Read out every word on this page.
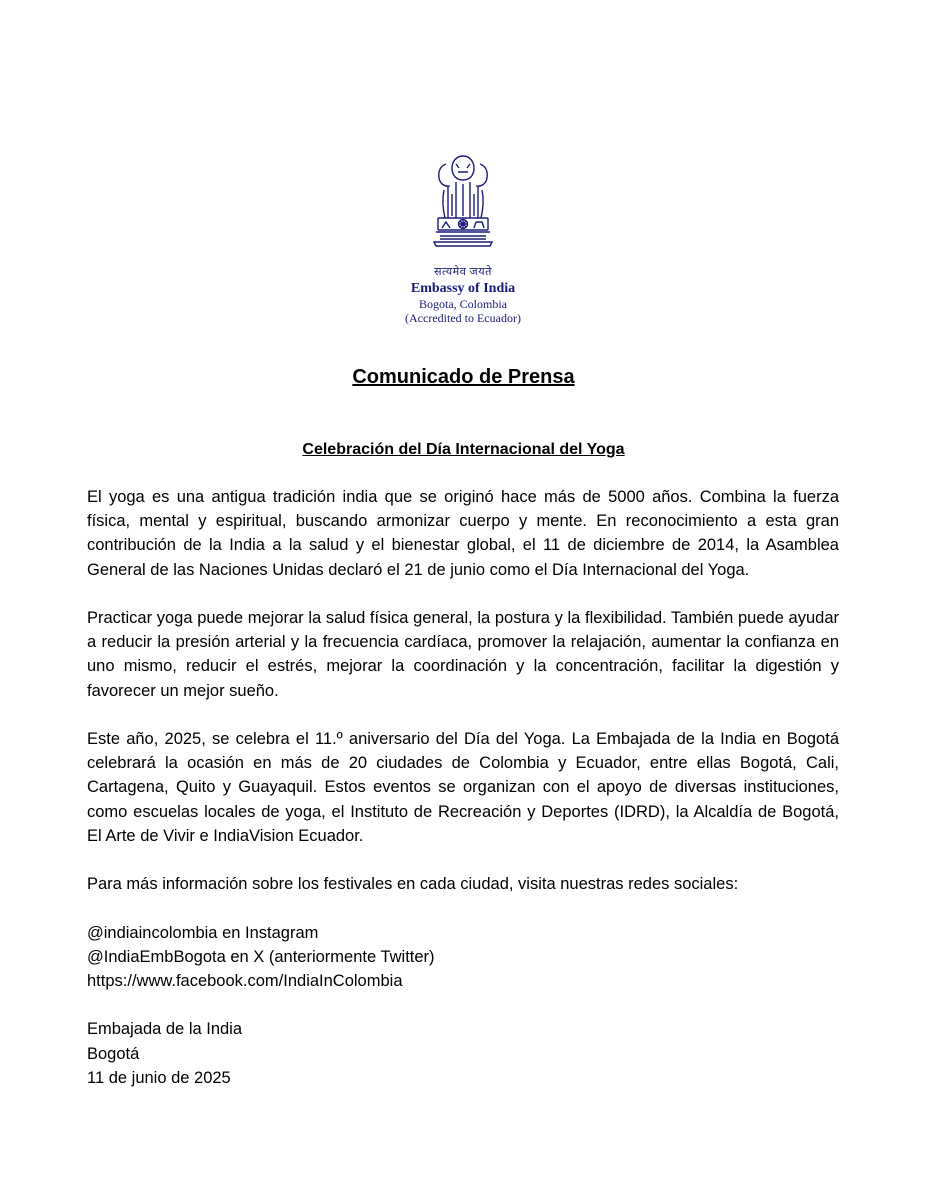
सत्यमेव जयते
Embassy of India
Bogota, Colombia
(Accredited to Ecuador)
Comunicado de Prensa
Celebración del Día Internacional del Yoga

El yoga es una antigua tradición india que se originó hace más de 5000 años. Combina la fuerza física, mental y espiritual, buscando armonizar cuerpo y mente. En reconocimiento a esta gran contribución de la India a la salud y el bienestar global, el 11 de diciembre de 2014, la Asamblea General de las Naciones Unidas declaró el 21 de junio como el Día Internacional del Yoga.

Practicar yoga puede mejorar la salud física general, la postura y la flexibilidad. También puede ayudar a reducir la presión arterial y la frecuencia cardíaca, promover la relajación, aumentar la confianza en uno mismo, reducir el estrés, mejorar la coordinación y la concentración, facilitar la digestión y favorecer un mejor sueño.

Este año, 2025, se celebra el 11.º aniversario del Día del Yoga. La Embajada de la India en Bogotá celebrará la ocasión en más de 20 ciudades de Colombia y Ecuador, entre ellas Bogotá, Cali, Cartagena, Quito y Guayaquil. Estos eventos se organizan con el apoyo de diversas instituciones, como escuelas locales de yoga, el Instituto de Recreación y Deportes (IDRD), la Alcaldía de Bogotá, El Arte de Vivir e IndiaVision Ecuador.

Para más información sobre los festivales en cada ciudad, visita nuestras redes sociales:

@indiaincolombia en Instagram
@IndiaEmbBogota en X (anteriormente Twitter)
https://www.facebook.com/IndiaInColombia

Embajada de la India
Bogotá
11 de junio de 2025
